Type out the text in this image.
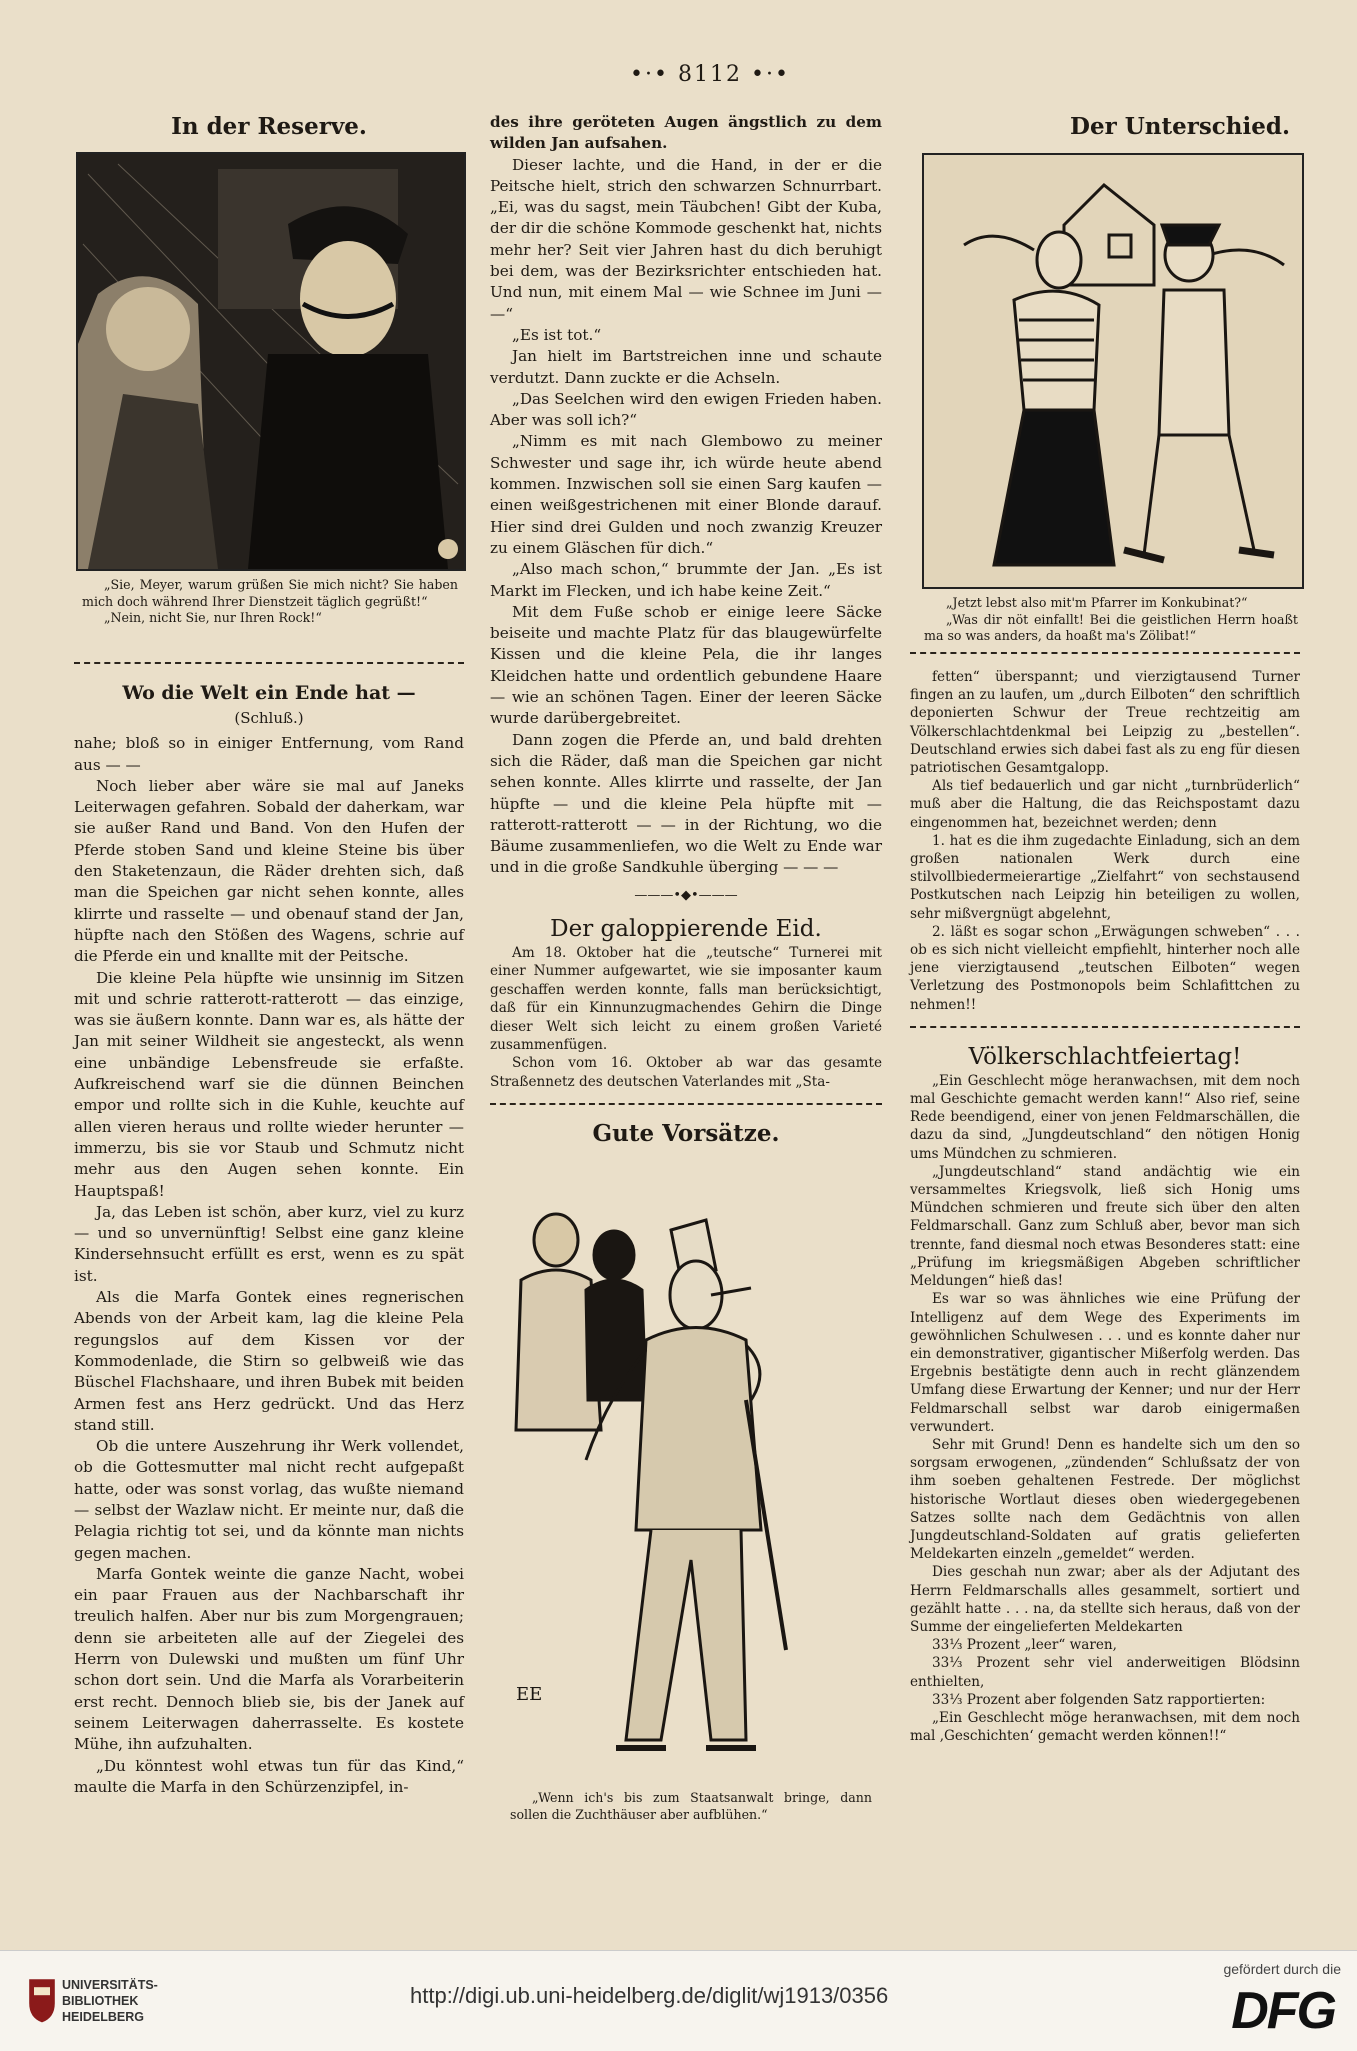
•·• 8112 •·•
In der Reserve.

„Sie, Meyer, warum grüßen Sie mich nicht? Sie haben mich doch während Ihrer Dienstzeit täglich gegrüßt!“

„Nein, nicht Sie, nur Ihren Rock!“

Wo die Welt ein Ende hat —
(Schluß.)

nahe; bloß so in einiger Entfernung, vom Rand aus — —

Noch lieber aber wäre sie mal auf Janeks Leiterwagen gefahren. Sobald der daherkam, war sie außer Rand und Band. Von den Hufen der Pferde stoben Sand und kleine Steine bis über den Staketenzaun, die Räder drehten sich, daß man die Speichen gar nicht sehen konnte, alles klirrte und rasselte — und obenauf stand der Jan, hüpfte nach den Stößen des Wagens, schrie auf die Pferde ein und knallte mit der Peitsche.

Die kleine Pela hüpfte wie unsinnig im Sitzen mit und schrie ratterott-ratterott — das einzige, was sie äußern konnte. Dann war es, als hätte der Jan mit seiner Wildheit sie angesteckt, als wenn eine unbändige Lebensfreude sie erfaßte. Aufkreischend warf sie die dünnen Beinchen empor und rollte sich in die Kuhle, keuchte auf allen vieren heraus und rollte wieder herunter — immerzu, bis sie vor Staub und Schmutz nicht mehr aus den Augen sehen konnte. Ein Hauptspaß!

Ja, das Leben ist schön, aber kurz, viel zu kurz — und so unvernünftig! Selbst eine ganz kleine Kindersehnsucht erfüllt es erst, wenn es zu spät ist.

Als die Marfa Gontek eines regnerischen Abends von der Arbeit kam, lag die kleine Pela regungslos auf dem Kissen vor der Kommodenlade, die Stirn so gelbweiß wie das Büschel Flachshaare, und ihren Bubek mit beiden Armen fest ans Herz gedrückt. Und das Herz stand still.

Ob die untere Auszehrung ihr Werk vollendet, ob die Gottesmutter mal nicht recht aufgepaßt hatte, oder was sonst vorlag, das wußte niemand — selbst der Wazlaw nicht. Er meinte nur, daß die Pelagia richtig tot sei, und da könnte man nichts gegen machen.

Marfa Gontek weinte die ganze Nacht, wobei ein paar Frauen aus der Nachbarschaft ihr treulich halfen. Aber nur bis zum Morgengrauen; denn sie arbeiteten alle auf der Ziegelei des Herrn von Dulewski und mußten um fünf Uhr schon dort sein. Und die Marfa als Vorarbeiterin erst recht. Dennoch blieb sie, bis der Janek auf seinem Leiterwagen daherrasselte. Es kostete Mühe, ihn aufzuhalten.

„Du könntest wohl etwas tun für das Kind,“ maulte die Marfa in den Schürzenzipfel, in-

des ihre geröteten Augen ängstlich zu dem wilden Jan aufsahen.

Dieser lachte, und die Hand, in der er die Peitsche hielt, strich den schwarzen Schnurrbart. „Ei, was du sagst, mein Täubchen! Gibt der Kuba, der dir die schöne Kommode geschenkt hat, nichts mehr her? Seit vier Jahren hast du dich beruhigt bei dem, was der Bezirksrichter entschieden hat. Und nun, mit einem Mal — wie Schnee im Juni — —“

„Es ist tot.“

Jan hielt im Bartstreichen inne und schaute verdutzt. Dann zuckte er die Achseln.

„Das Seelchen wird den ewigen Frieden haben. Aber was soll ich?“

„Nimm es mit nach Glembowo zu meiner Schwester und sage ihr, ich würde heute abend kommen. Inzwischen soll sie einen Sarg kaufen — einen weißgestrichenen mit einer Blonde darauf. Hier sind drei Gulden und noch zwanzig Kreuzer zu einem Gläschen für dich.“

„Also mach schon,“ brummte der Jan. „Es ist Markt im Flecken, und ich habe keine Zeit.“

Mit dem Fuße schob er einige leere Säcke beiseite und machte Platz für das blaugewürfelte Kissen und die kleine Pela, die ihr langes Kleidchen hatte und ordentlich gebundene Haare — wie an schönen Tagen. Einer der leeren Säcke wurde darübergebreitet.

Dann zogen die Pferde an, und bald drehten sich die Räder, daß man die Speichen gar nicht sehen konnte. Alles klirrte und rasselte, der Jan hüpfte — und die kleine Pela hüpfte mit — ratterott-ratterott — — in der Richtung, wo die Bäume zusammenliefen, wo die Welt zu Ende war und in die große Sandkuhle überging — — —

———•◆•———
Der galoppierende Eid.

Am 18. Oktober hat die „teutsche“ Turnerei mit einer Nummer aufgewartet, wie sie imposanter kaum geschaffen werden konnte, falls man berücksichtigt, daß für ein Kinnunzugmachendes Gehirn die Dinge dieser Welt sich leicht zu einem großen Varieté zusammenfügen.

Schon vom 16. Oktober ab war das gesamte Straßennetz des deutschen Vaterlandes mit „Sta-

Gute Vorsätze.
EE

„Wenn ich's bis zum Staatsanwalt bringe, dann sollen die Zuchthäuser aber aufblühen.“

Der Unterschied.

„Jetzt lebst also mit'm Pfarrer im Konkubinat?“

„Was dir nöt einfallt! Bei die geistlichen Herrn hoaßt ma so was anders, da hoaßt ma's Zölibat!“

fetten“ überspannt; und vierzigtausend Turner fingen an zu laufen, um „durch Eilboten“ den schriftlich deponierten Schwur der Treue rechtzeitig am Völkerschlachtdenkmal bei Leipzig zu „bestellen“. Deutschland erwies sich dabei fast als zu eng für diesen patriotischen Gesamtgalopp.

Als tief bedauerlich und gar nicht „turnbrüderlich“ muß aber die Haltung, die das Reichspostamt dazu eingenommen hat, bezeichnet werden; denn

1. hat es die ihm zugedachte Einladung, sich an dem großen nationalen Werk durch eine stilvollbiedermeierartige „Zielfahrt“ von sechstausend Postkutschen nach Leipzig hin beteiligen zu wollen, sehr mißvergnügt abgelehnt,

2. läßt es sogar schon „Erwägungen schweben“ . . . ob es sich nicht vielleicht empfiehlt, hinterher noch alle jene vierzigtausend „teutschen Eilboten“ wegen Verletzung des Postmonopols beim Schlafittchen zu nehmen!!

Völkerschlachtfeiertag!

„Ein Geschlecht möge heranwachsen, mit dem noch mal Geschichte gemacht werden kann!“ Also rief, seine Rede beendigend, einer von jenen Feldmarschällen, die dazu da sind, „Jungdeutschland“ den nötigen Honig ums Mündchen zu schmieren.

„Jungdeutschland“ stand andächtig wie ein versammeltes Kriegsvolk, ließ sich Honig ums Mündchen schmieren und freute sich über den alten Feldmarschall. Ganz zum Schluß aber, bevor man sich trennte, fand diesmal noch etwas Besonderes statt: eine „Prüfung im kriegsmäßigen Abgeben schriftlicher Meldungen“ hieß das!

Es war so was ähnliches wie eine Prüfung der Intelligenz auf dem Wege des Experiments im gewöhnlichen Schulwesen . . . und es konnte daher nur ein demonstrativer, gigantischer Mißerfolg werden. Das Ergebnis bestätigte denn auch in recht glänzendem Umfang diese Erwartung der Kenner; und nur der Herr Feldmarschall selbst war darob einigermaßen verwundert.

Sehr mit Grund! Denn es handelte sich um den so sorgsam erwogenen, „zündenden“ Schlußsatz der von ihm soeben gehaltenen Festrede. Der möglichst historische Wortlaut dieses oben wiedergegebenen Satzes sollte nach dem Gedächtnis von allen Jungdeutschland-Soldaten auf gratis gelieferten Meldekarten einzeln „gemeldet“ werden.

Dies geschah nun zwar; aber als der Adjutant des Herrn Feldmarschalls alles gesammelt, sortiert und gezählt hatte . . . na, da stellte sich heraus, daß von der Summe der eingelieferten Meldekarten

33⅓ Prozent „leer“ waren,

33⅓ Prozent sehr viel anderweitigen Blödsinn enthielten,

33⅓ Prozent aber folgenden Satz rapportierten:

„Ein Geschlecht möge heranwachsen, mit dem noch mal ‚Geschichten‘ gemacht werden können!!“

UNIVERSITÄTS-
BIBLIOTHEK
HEIDELBERG
http://digi.ub.uni-heidelberg.de/diglit/wj1913/0356
gefördert durch die
DFG
